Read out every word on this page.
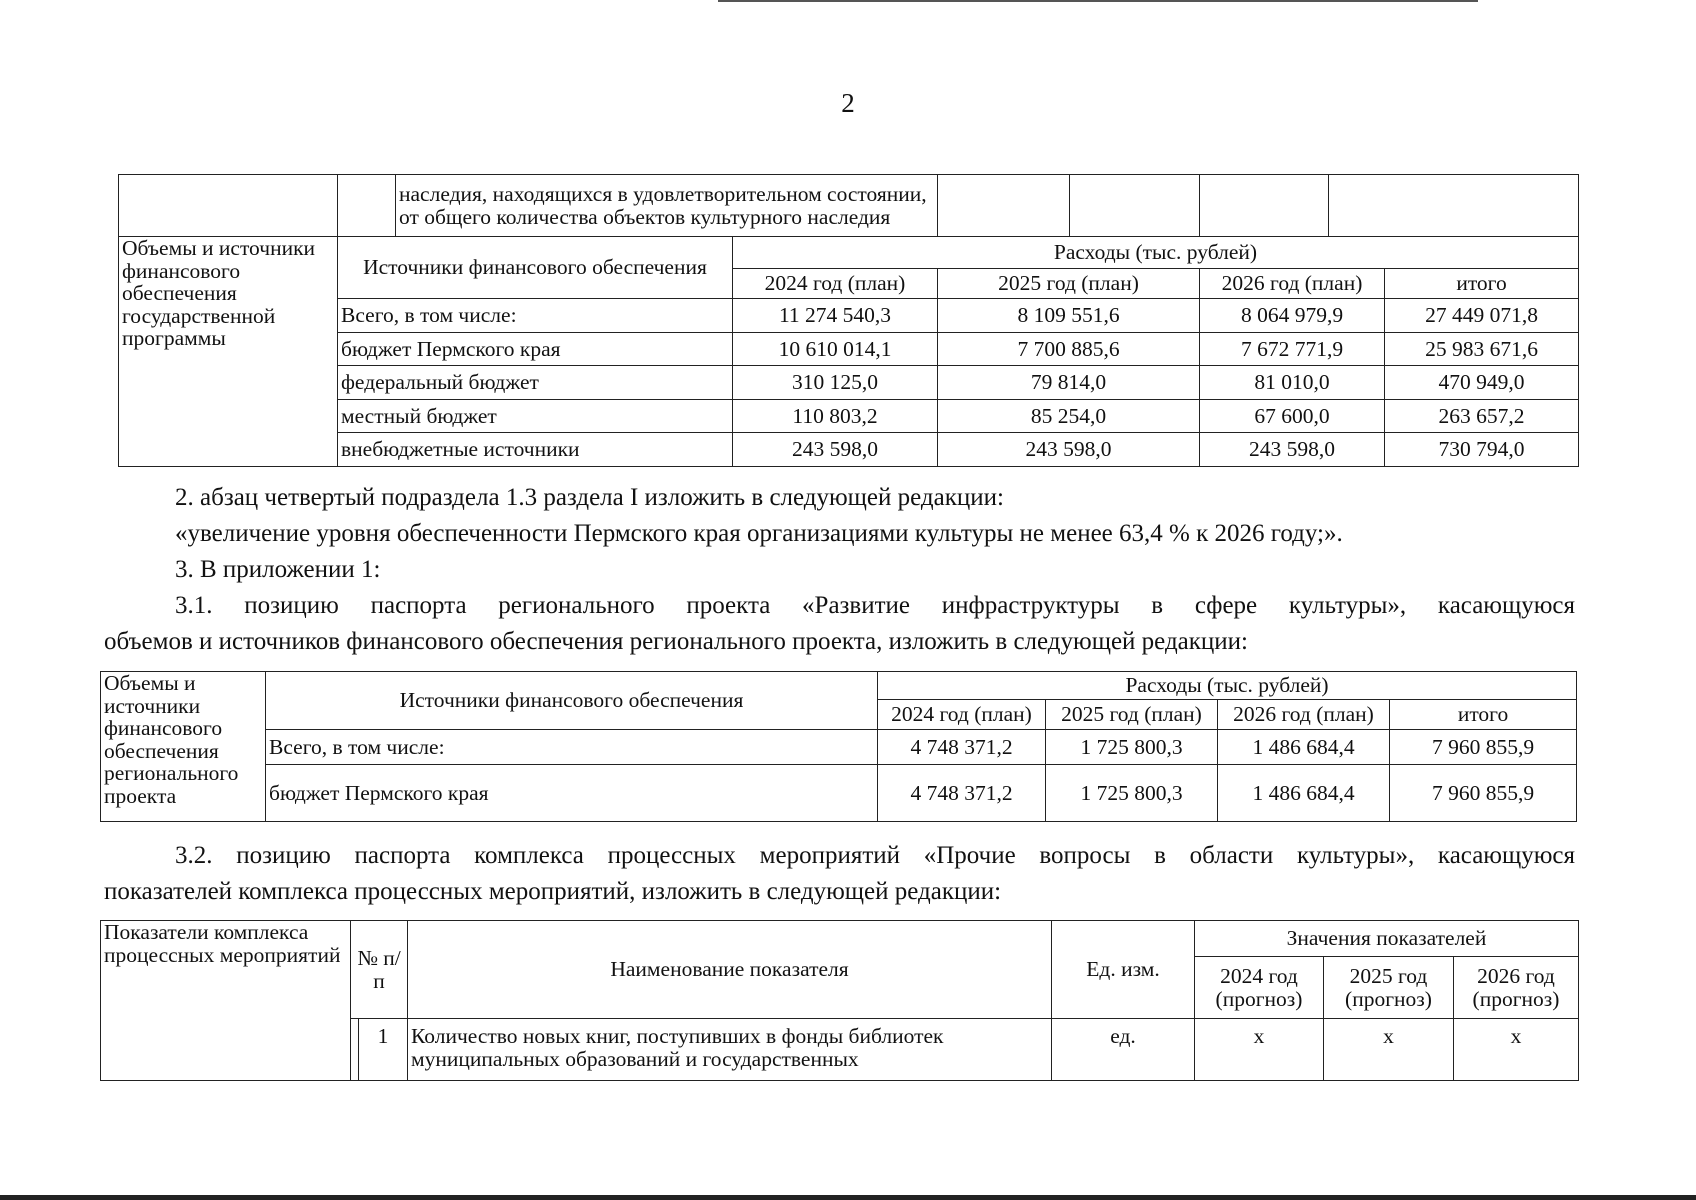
2
		наследия, находящихся в удовлетворительном состоянии, от общего количества объектов культурного наследия						
Объемы и источники финансового обеспечения государственной программы	Источники финансового обеспечения		Расходы (тыс. рублей)					
			2024 год (план)	2025 год (план)		2026 год (план)		итого
	Всего, в том числе:		11 274 540,3	8 109 551,6		8 064 979,9		27 449 071,8
	бюджет Пермского края		10 610 014,1	7 700 885,6		7 672 771,9		25 983 671,6
	федеральный бюджет		310 125,0	79 814,0		81 010,0		470 949,0
	местный бюджет		110 803,2	85 254,0		67 600,0		263 657,2
	внебюджетные источники		243 598,0	243 598,0		243 598,0		730 794,0
2. абзац четвертый подраздела 1.3 раздела I изложить в следующей редакции:
«увеличение уровня обеспеченности Пермского края организациями культуры не менее 63,4 % к 2026 году;».
3. В приложении 1:
3.1. позицию паспорта регионального проекта «Развитие инфраструктуры в сфере культуры», касающуюся
объемов и источников финансового обеспечения регионального проекта, изложить в следующей редакции:
Объемы и источники финансового обеспечения регионального проекта	Источники финансового обеспечения	Расходы (тыс. рублей)			
		2024 год (план)	2025 год (план)	2026 год (план)	итого
	Всего, в том числе:	4 748 371,2	1 725 800,3	1 486 684,4	7 960 855,9
	бюджет Пермского края	4 748 371,2	1 725 800,3	1 486 684,4	7 960 855,9
3.2. позицию паспорта комплекса процессных мероприятий «Прочие вопросы в области культуры», касающуюся
показателей комплекса процессных мероприятий, изложить в следующей редакции:
Показатели комплекса процессных мероприятий	№ п/п		Наименование показателя	Ед. изм.	Значения показателей		
					2024 год (прогноз)	2025 год (прогноз)	2026 год (прогноз)
		1	Количество новых книг, поступивших в фонды библиотек муниципальных образований и государственных	ед.	x	x	x
